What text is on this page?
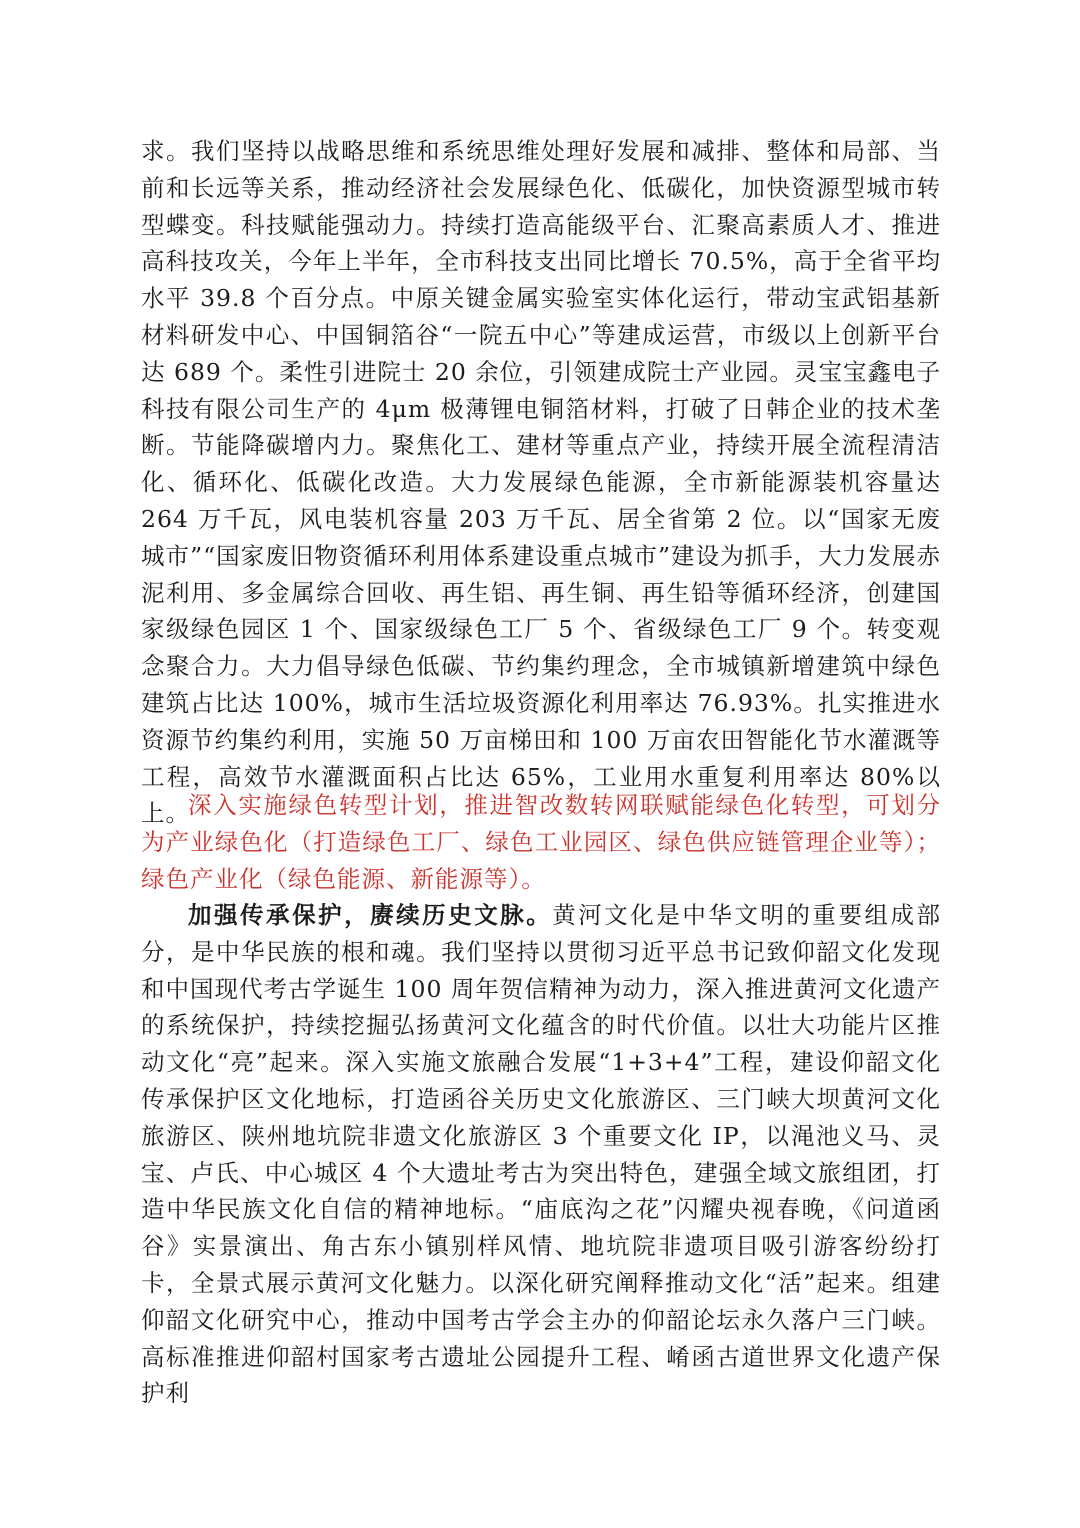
求。我们坚持以战略思维和系统思维处理好发展和减排、整体和局部、当前和长远等关系，推动经济社会发展绿色化、低碳化，加快资源型城市转型蝶变。科技赋能强动力。持续打造高能级平台、汇聚高素质人才、推进高科技攻关，今年上半年，全市科技支出同比增长 70.5%，高于全省平均水平 39.8 个百分点。中原关键金属实验室实体化运行，带动宝武铝基新材料研发中心、中国铜箔谷“一院五中心”等建成运营，市级以上创新平台达 689 个。柔性引进院士 20 余位，引领建成院士产业园。灵宝宝鑫电子科技有限公司生产的 4μm 极薄锂电铜箔材料，打破了日韩企业的技术垄断。节能降碳增内力。聚焦化工、建材等重点产业，持续开展全流程清洁化、循环化、低碳化改造。大力发展绿色能源，全市新能源装机容量达 264 万千瓦，风电装机容量 203 万千瓦、居全省第 2 位。以“国家无废城市”“国家废旧物资循环利用体系建设重点城市”建设为抓手，大力发展赤泥利用、多金属综合回收、再生铝、再生铜、再生铅等循环经济，创建国家级绿色园区 1 个、国家级绿色工厂 5 个、省级绿色工厂 9 个。转变观念聚合力。大力倡导绿色低碳、节约集约理念，全市城镇新增建筑中绿色建筑占比达 100%，城市生活垃圾资源化利用率达 76.93%。扎实推进水资源节约集约利用，实施 50 万亩梯田和 100 万亩农田智能化节水灌溉等工程，高效节水灌溉面积占比达 65%，工业用水重复利用率达 80%以上。

深入实施绿色转型计划，推进智改数转网联赋能绿色化转型，可划分为产业绿色化（打造绿色工厂、绿色工业园区、绿色供应链管理企业等）；绿色产业化（绿色能源、新能源等）。

加强传承保护，赓续历史文脉。黄河文化是中华文明的重要组成部分，是中华民族的根和魂。我们坚持以贯彻习近平总书记致仰韶文化发现和中国现代考古学诞生 100 周年贺信精神为动力，深入推进黄河文化遗产的系统保护，持续挖掘弘扬黄河文化蕴含的时代价值。以壮大功能片区推动文化“亮”起来。深入实施文旅融合发展“1+3+4”工程，建设仰韶文化传承保护区文化地标，打造函谷关历史文化旅游区、三门峡大坝黄河文化旅游区、陕州地坑院非遗文化旅游区 3 个重要文化 IP，以渑池义马、灵宝、卢氏、中心城区 4 个大遗址考古为突出特色，建强全域文旅组团，打造中华民族文化自信的精神地标。“庙底沟之花”闪耀央视春晚，《问道函谷》实景演出、角古东小镇别样风情、地坑院非遗项目吸引游客纷纷打卡，全景式展示黄河文化魅力。以深化研究阐释推动文化“活”起来。组建仰韶文化研究中心，推动中国考古学会主办的仰韶论坛永久落户三门峡。高标准推进仰韶村国家考古遗址公园提升工程、崤函古道世界文化遗产保护利
